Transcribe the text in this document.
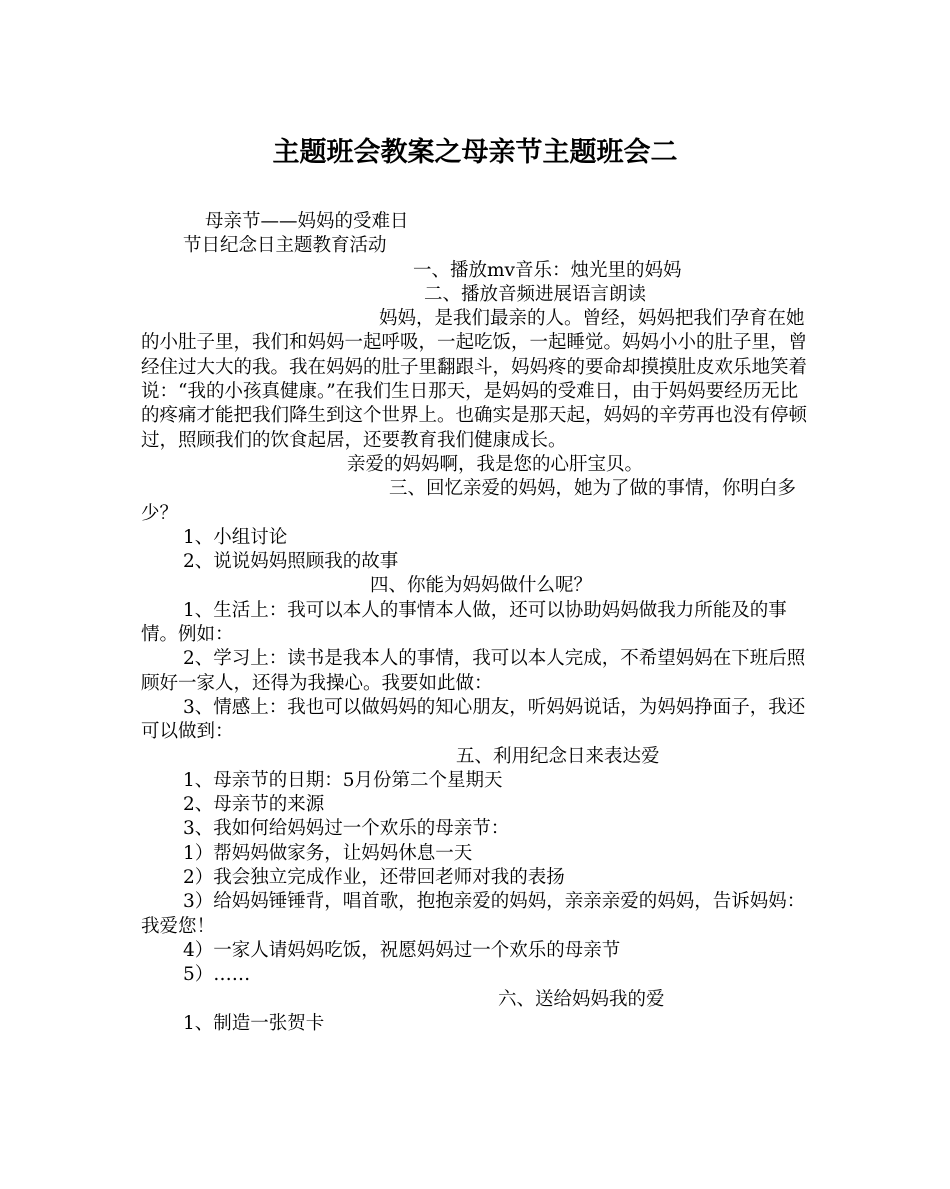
主题班会教案之母亲节主题班会二

母亲节——妈妈的受难日

节日纪念日主题教育活动

一、播放mv音乐：烛光里的妈妈

二、播放音频进展语言朗读

妈妈，是我们最亲的人。曾经，妈妈把我们孕育在她的小肚子里，我们和妈妈一起呼吸，一起吃饭，一起睡觉。妈妈小小的肚子里，曾经住过大大的我。我在妈妈的肚子里翻跟斗，妈妈疼的要命却摸摸肚皮欢乐地笑着说：“我的小孩真健康。”在我们生日那天，是妈妈的受难日，由于妈妈要经历无比的疼痛才能把我们降生到这个世界上。也确实是那天起，妈妈的辛劳再也没有停顿过，照顾我们的饮食起居，还要教育我们健康成长。

亲爱的妈妈啊，我是您的心肝宝贝。

三、回忆亲爱的妈妈，她为了做的事情，你明白多少？

1、小组讨论

2、说说妈妈照顾我的故事

四、你能为妈妈做什么呢？

1、生活上：我可以本人的事情本人做，还可以协助妈妈做我力所能及的事情。例如：

2、学习上：读书是我本人的事情，我可以本人完成，不希望妈妈在下班后照顾好一家人，还得为我操心。我要如此做：

3、情感上：我也可以做妈妈的知心朋友，听妈妈说话，为妈妈挣面子，我还可以做到：

五、利用纪念日来表达爱

1、母亲节的日期：5月份第二个星期天

2、母亲节的来源

3、我如何给妈妈过一个欢乐的母亲节：

1）帮妈妈做家务，让妈妈休息一天

2）我会独立完成作业，还带回老师对我的表扬

3）给妈妈锤锤背，唱首歌，抱抱亲爱的妈妈，亲亲亲爱的妈妈，告诉妈妈：我爱您！

4）一家人请妈妈吃饭，祝愿妈妈过一个欢乐的母亲节

5）……

六、送给妈妈我的爱

1、制造一张贺卡
